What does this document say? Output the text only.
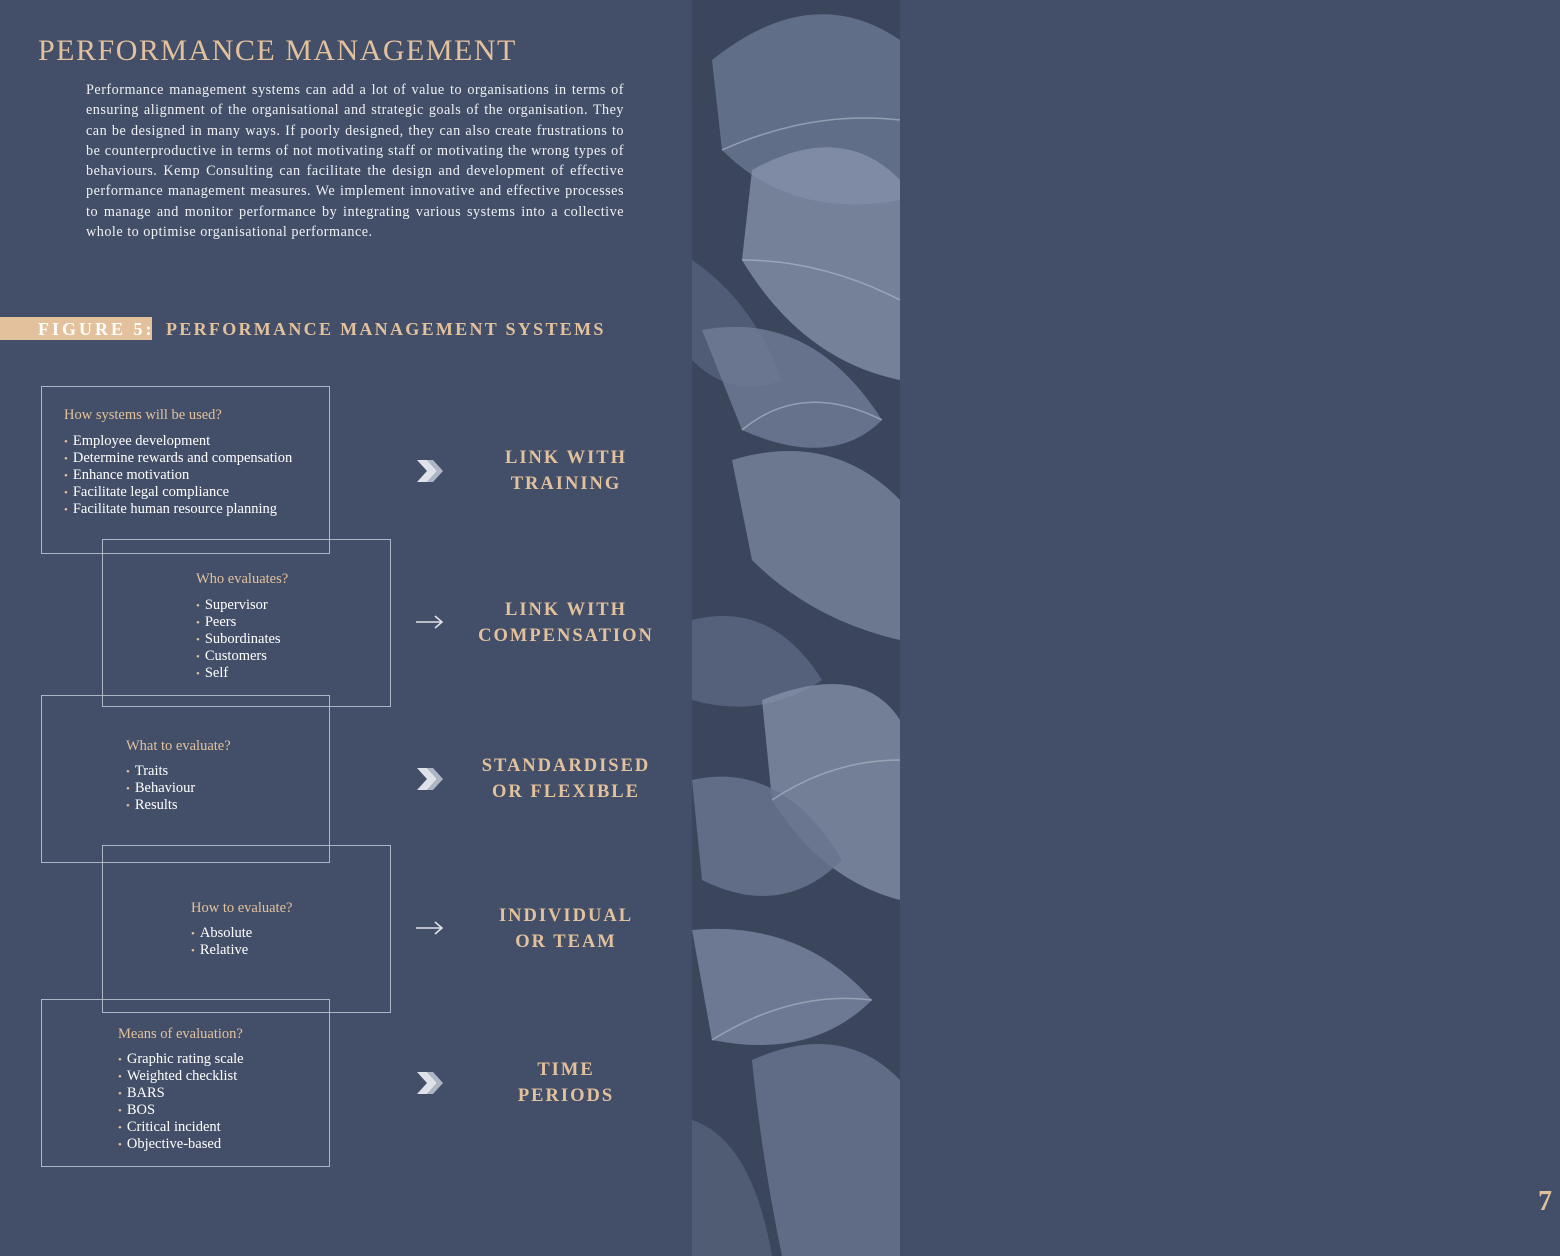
7
PERFORMANCE MANAGEMENT

Performance management systems can add a lot of value to organisations in terms of ensuring alignment of the organisational and strategic goals of the organisation. They can be designed in many ways. If poorly designed, they can also create frustrations to be counterproductive in terms of not motivating staff or motivating the wrong types of behaviours. Kemp Consulting can facilitate the design and development of effective performance management measures. We implement innovative and effective processes to manage and monitor performance by integrating various systems into a collective whole to optimise organisational performance.

FIGURE 5: PERFORMANCE MANAGEMENT SYSTEMS

How systems will be used?

• Employee development
• Determine rewards and compensation
• Enhance motivation
• Facilitate legal compliance
• Facilitate human resource planning

Who evaluates?

• Supervisor
• Peers
• Subordinates
• Customers
• Self

What to evaluate?

• Traits
• Behaviour
• Results

How to evaluate?

• Absolute
• Relative

Means of evaluation?

• Graphic rating scale
• Weighted checklist
• BARS
• BOS
• Critical incident
• Objective-based
LINK WITH
TRAINING
LINK WITH
COMPENSATION
STANDARDISED
OR FLEXIBLE
INDIVIDUAL
OR TEAM
TIME
PERIODS
